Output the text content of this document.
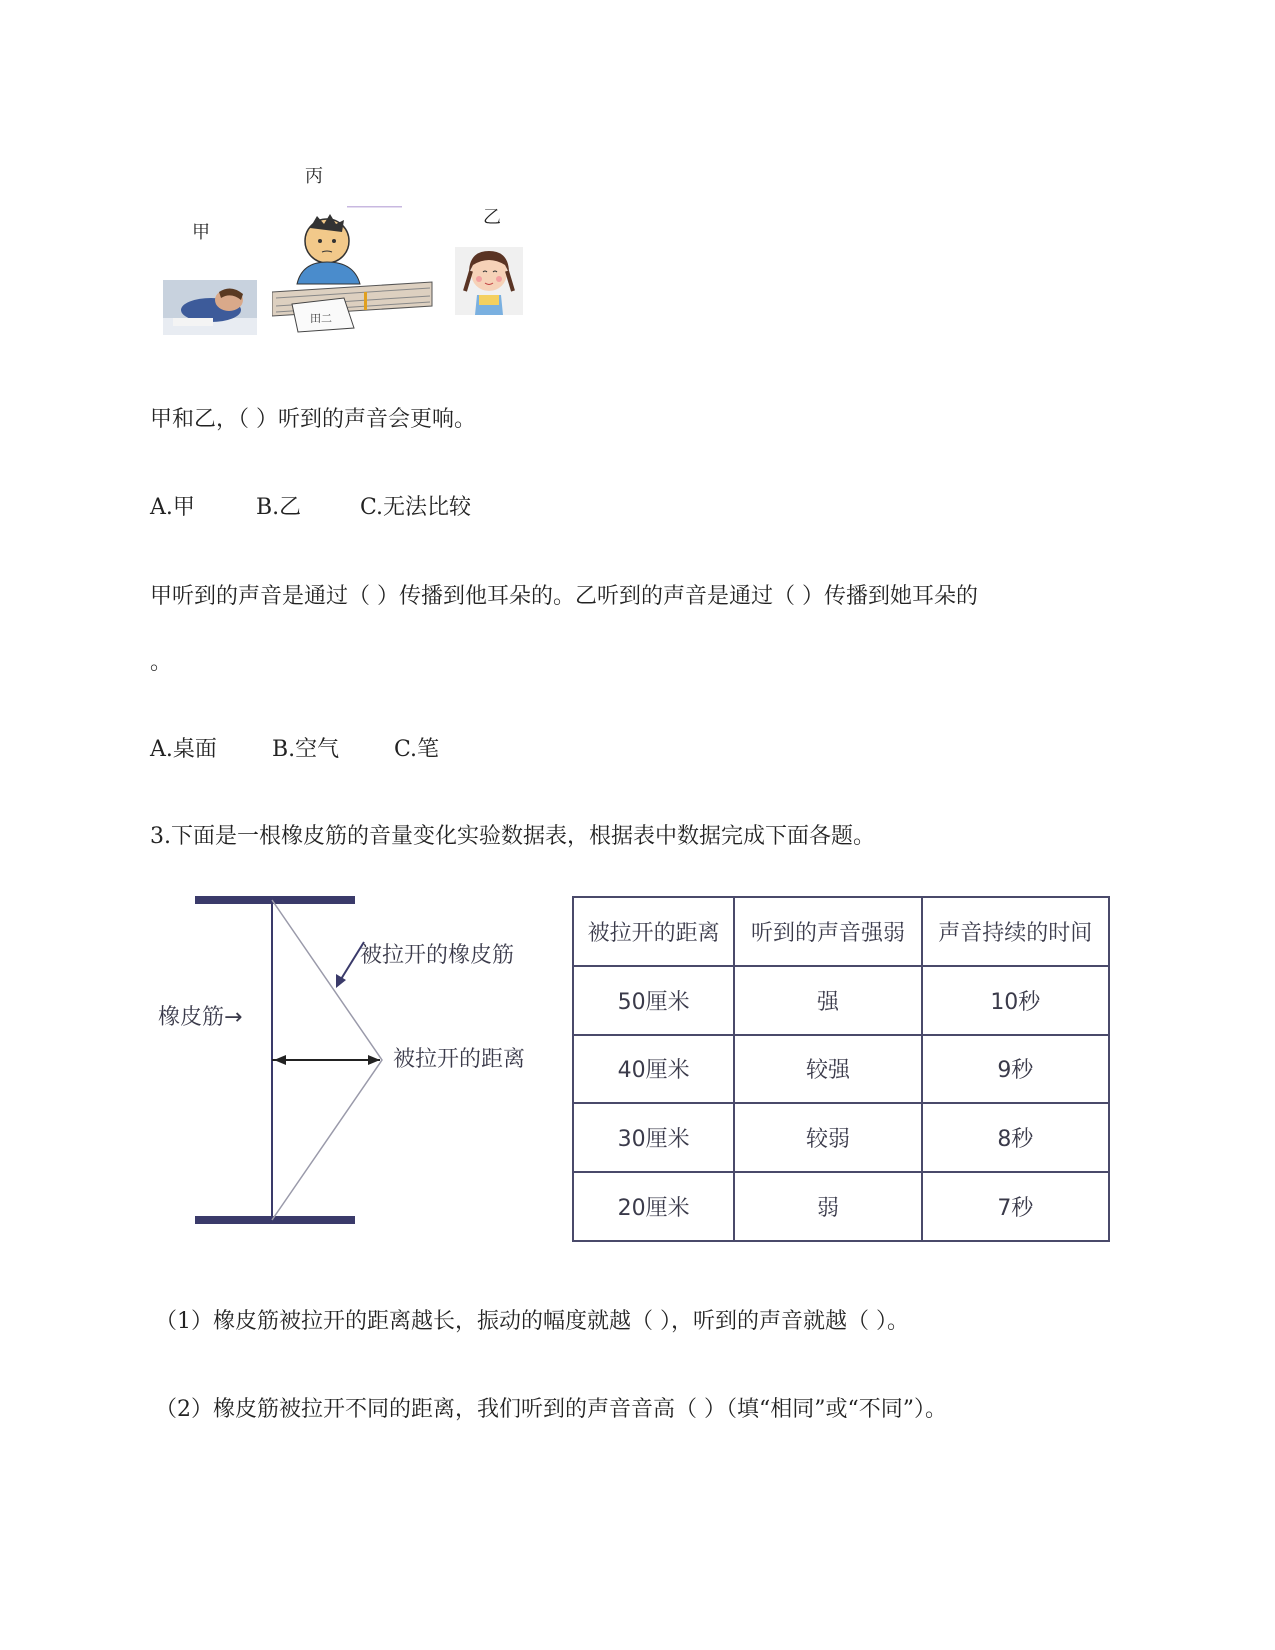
甲
丙
乙
田二
甲和乙，（ ）听到的声音会更响。
A.甲	B.乙	C.无法比较
甲听到的声音是通过（ ）传播到他耳朵的。乙听到的声音是通过（ ）传播到她耳朵的
。
A.桌面	B.空气 C.笔
3.下面是一根橡皮筋的音量变化实验数据表，根据表中数据完成下面各题。
橡皮筋→
被拉开的橡皮筋
被拉开的距离
被拉开的距离	听到的声音强弱	声音持续的时间
50厘米	强	10秒
40厘米	较强	9秒
30厘米	较弱	8秒
20厘米	弱	7秒
（1）橡皮筋被拉开的距离越长，振动的幅度就越（ ），听到的声音就越（ ）。
（2）橡皮筋被拉开不同的距离，我们听到的声音音高（ ）（填“相同”或“不同”）。
